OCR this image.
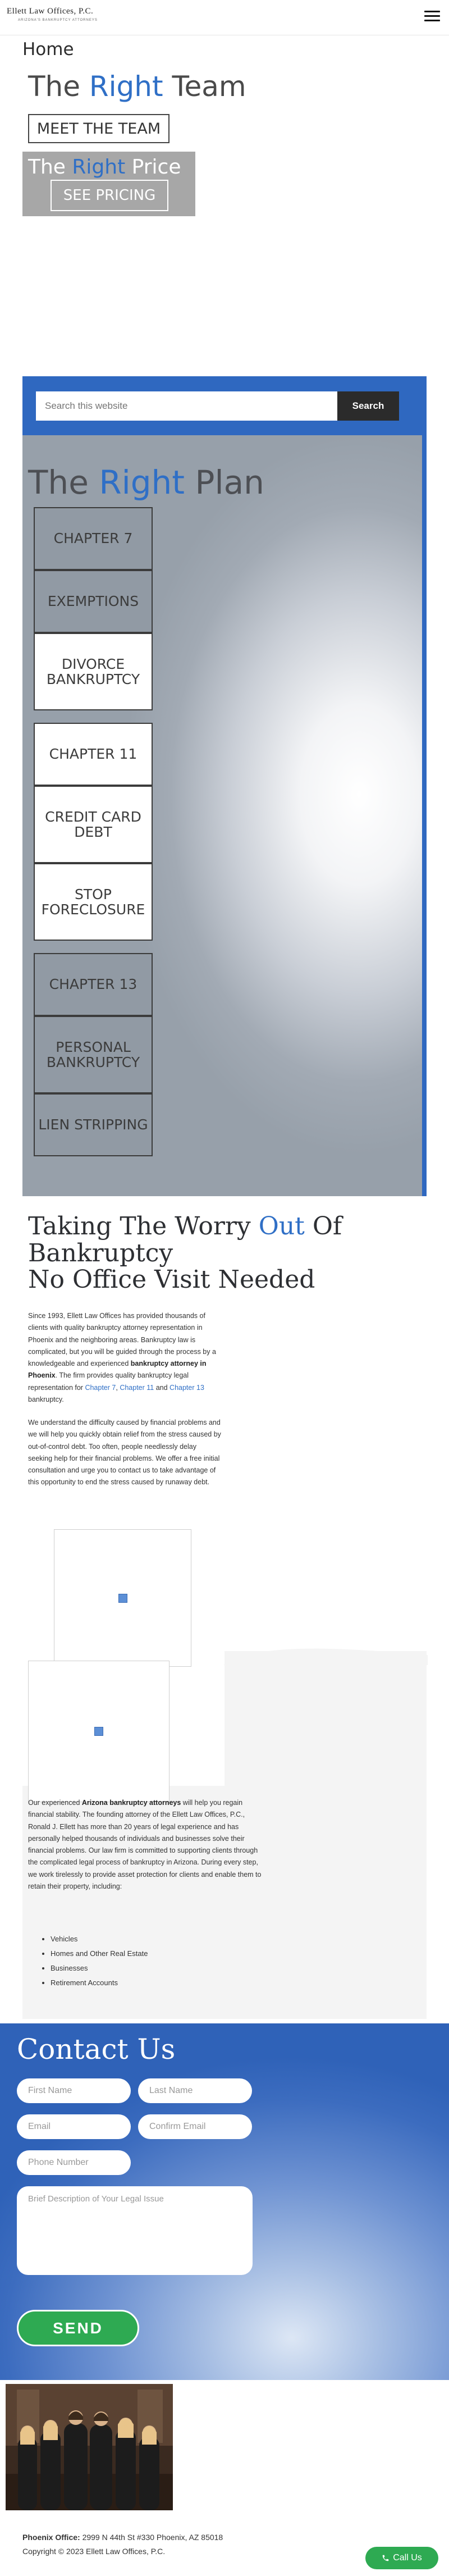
Ellett Law Offices, P.C.
ARIZONA'S BANKRUPTCY ATTORNEYS
Home
The Right Team
MEET THE TEAM
The Right Price
SEE PRICING
Search this website
Search
The Right Plan
CHAPTER 7
EXEMPTIONS
DIVORCE BANKRUPTCY
CHAPTER 11
CREDIT CARD DEBT
STOP FORECLOSURE
CHAPTER 13
PERSONAL BANKRUPTCY
LIEN STRIPPING
Taking The Worry Out Of
Bankruptcy
No Office Visit Needed
Since 1993, Ellett Law Offices has provided thousands of clients with quality bankruptcy attorney representation in Phoenix and the neighboring areas. Bankruptcy law is complicated, but you will be guided through the process by a knowledgeable and experienced bankruptcy attorney in Phoenix. The firm provides quality bankruptcy legal representation for Chapter 7, Chapter 11 and Chapter 13 bankruptcy.
We understand the difficulty caused by financial problems and we will help you quickly obtain relief from the stress caused by out-of-control debt. Too often, people needlessly delay seeking help for their financial problems. We offer a free initial consultation and urge you to contact us to take advantage of this opportunity to end the stress caused by runaway debt.
Our experienced Arizona bankruptcy attorneys will help you regain financial stability. The founding attorney of the Ellett Law Offices, P.C., Ronald J. Ellett has more than 20 years of legal experience and has personally helped thousands of individuals and businesses solve their financial problems. Our law firm is committed to supporting clients through the complicated legal process of bankruptcy in Arizona. During every step, we work tirelessly to provide asset protection for clients and enable them to retain their property, including:
• Vehicles
• Homes and Other Real Estate
• Businesses
• Retirement Accounts
Contact Us
First Name
Last Name
Email
Confirm Email
Phone Number
Brief Description of Your Legal Issue
SEND
Phoenix Office: 2999 N 44th St #330 Phoenix, AZ 85018
Copyright © 2023 Ellett Law Offices, P.C.
Call Us
